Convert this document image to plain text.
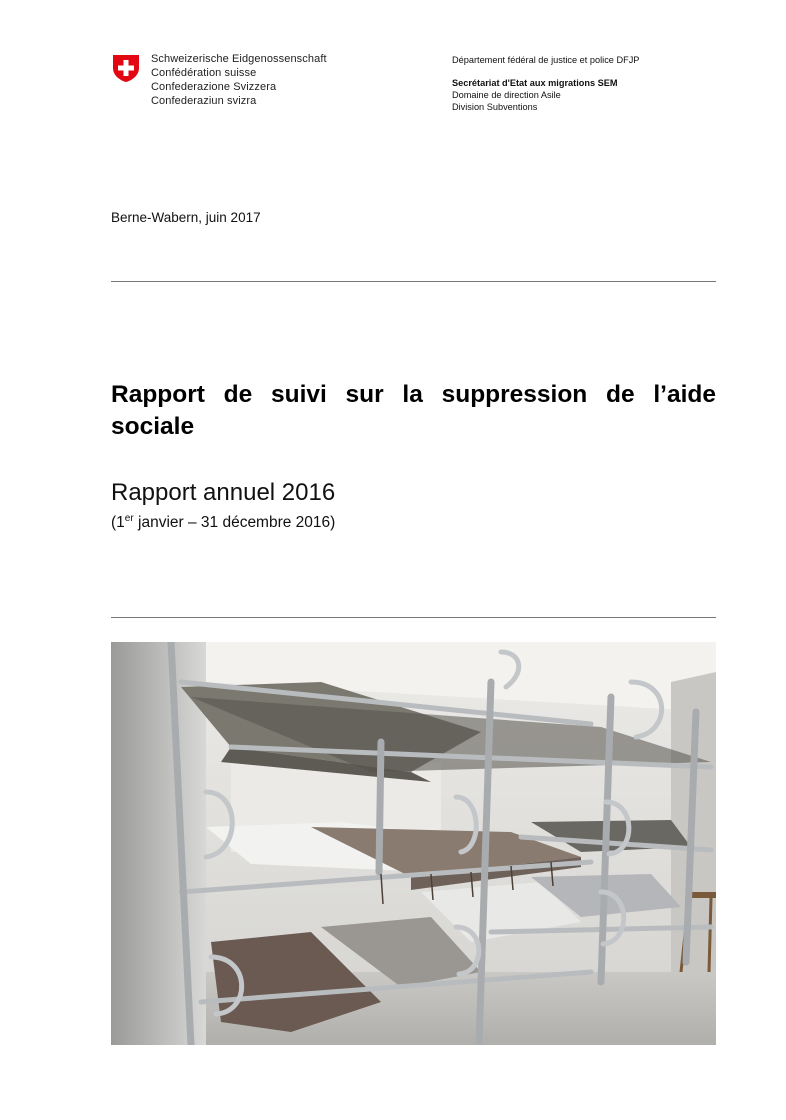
Schweizerische Eidgenossenschaft
Confédération suisse
Confederazione Svizzera
Confederaziun svizra
Département fédéral de justice et police DFJP
Secrétariat d'Etat aux migrations SEM
Domaine de direction Asile
Division Subventions
Berne-Wabern, juin 2017
Rapport de suivi sur la suppression de l’aide sociale
Rapport annuel 2016
(1er janvier – 31 décembre 2016)
